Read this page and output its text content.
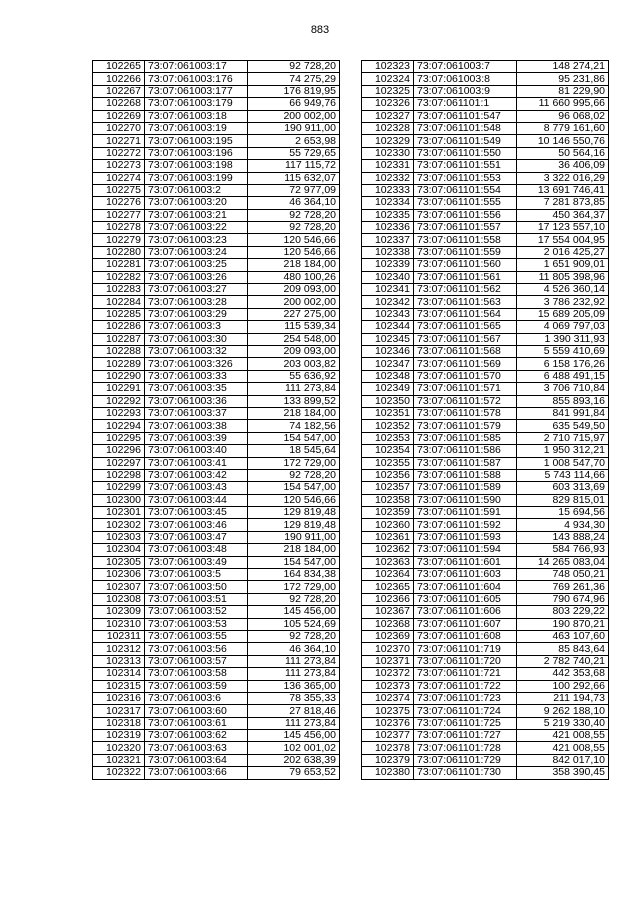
883
102265	73:07:061003:17	92 728,20
102266	73:07:061003:176	74 275,29
102267	73:07:061003:177	176 819,95
102268	73:07:061003:179	66 949,76
102269	73:07:061003:18	200 002,00
102270	73:07:061003:19	190 911,00
102271	73:07:061003:195	2 653,98
102272	73:07:061003:196	55 729,65
102273	73:07:061003:198	117 115,72
102274	73:07:061003:199	115 632,07
102275	73:07:061003:2	72 977,09
102276	73:07:061003:20	46 364,10
102277	73:07:061003:21	92 728,20
102278	73:07:061003:22	92 728,20
102279	73:07:061003:23	120 546,66
102280	73:07:061003:24	120 546,66
102281	73:07:061003:25	218 184,00
102282	73:07:061003:26	480 100,26
102283	73:07:061003:27	209 093,00
102284	73:07:061003:28	200 002,00
102285	73:07:061003:29	227 275,00
102286	73:07:061003:3	115 539,34
102287	73:07:061003:30	254 548,00
102288	73:07:061003:32	209 093,00
102289	73:07:061003:326	203 003,82
102290	73:07:061003:33	55 636,92
102291	73:07:061003:35	111 273,84
102292	73:07:061003:36	133 899,52
102293	73:07:061003:37	218 184,00
102294	73:07:061003:38	74 182,56
102295	73:07:061003:39	154 547,00
102296	73:07:061003:40	18 545,64
102297	73:07:061003:41	172 729,00
102298	73:07:061003:42	92 728,20
102299	73:07:061003:43	154 547,00
102300	73:07:061003:44	120 546,66
102301	73:07:061003:45	129 819,48
102302	73:07:061003:46	129 819,48
102303	73:07:061003:47	190 911,00
102304	73:07:061003:48	218 184,00
102305	73:07:061003:49	154 547,00
102306	73:07:061003:5	164 834,38
102307	73:07:061003:50	172 729,00
102308	73:07:061003:51	92 728,20
102309	73:07:061003:52	145 456,00
102310	73:07:061003:53	105 524,69
102311	73:07:061003:55	92 728,20
102312	73:07:061003:56	46 364,10
102313	73:07:061003:57	111 273,84
102314	73:07:061003:58	111 273,84
102315	73:07:061003:59	136 365,00
102316	73:07:061003:6	78 355,33
102317	73:07:061003:60	27 818,46
102318	73:07:061003:61	111 273,84
102319	73:07:061003:62	145 456,00
102320	73:07:061003:63	102 001,02
102321	73:07:061003:64	202 638,39
102322	73:07:061003:66	79 653,52
102323	73:07:061003:7	148 274,21
102324	73:07:061003:8	95 231,86
102325	73:07:061003:9	81 229,90
102326	73:07:061101:1	11 660 995,66
102327	73:07:061101:547	96 068,02
102328	73:07:061101:548	8 779 161,60
102329	73:07:061101:549	10 146 550,76
102330	73:07:061101:550	50 564,16
102331	73:07:061101:551	36 406,09
102332	73:07:061101:553	3 322 016,29
102333	73:07:061101:554	13 691 746,41
102334	73:07:061101:555	7 281 873,85
102335	73:07:061101:556	450 364,37
102336	73:07:061101:557	17 123 557,10
102337	73:07:061101:558	17 554 004,95
102338	73:07:061101:559	2 016 425,27
102339	73:07:061101:560	1 651 909,01
102340	73:07:061101:561	11 805 398,96
102341	73:07:061101:562	4 526 360,14
102342	73:07:061101:563	3 786 232,92
102343	73:07:061101:564	15 689 205,09
102344	73:07:061101:565	4 069 797,03
102345	73:07:061101:567	1 390 311,93
102346	73:07:061101:568	5 559 410,69
102347	73:07:061101:569	6 158 176,26
102348	73:07:061101:570	6 488 491,15
102349	73:07:061101:571	3 706 710,84
102350	73:07:061101:572	855 893,16
102351	73:07:061101:578	841 991,84
102352	73:07:061101:579	635 549,50
102353	73:07:061101:585	2 710 715,97
102354	73:07:061101:586	1 950 312,21
102355	73:07:061101:587	1 008 547,70
102356	73:07:061101:588	5 743 114,66
102357	73:07:061101:589	603 313,69
102358	73:07:061101:590	829 815,01
102359	73:07:061101:591	15 694,56
102360	73:07:061101:592	4 934,30
102361	73:07:061101:593	143 888,24
102362	73:07:061101:594	584 766,93
102363	73:07:061101:601	14 265 083,04
102364	73:07:061101:603	748 050,21
102365	73:07:061101:604	769 261,36
102366	73:07:061101:605	790 674,96
102367	73:07:061101:606	803 229,22
102368	73:07:061101:607	190 870,21
102369	73:07:061101:608	463 107,60
102370	73:07:061101:719	85 843,64
102371	73:07:061101:720	2 782 740,21
102372	73:07:061101:721	442 353,68
102373	73:07:061101:722	100 292,66
102374	73:07:061101:723	211 194,73
102375	73:07:061101:724	9 262 188,10
102376	73:07:061101:725	5 219 330,40
102377	73:07:061101:727	421 008,55
102378	73:07:061101:728	421 008,55
102379	73:07:061101:729	842 017,10
102380	73:07:061101:730	358 390,45
